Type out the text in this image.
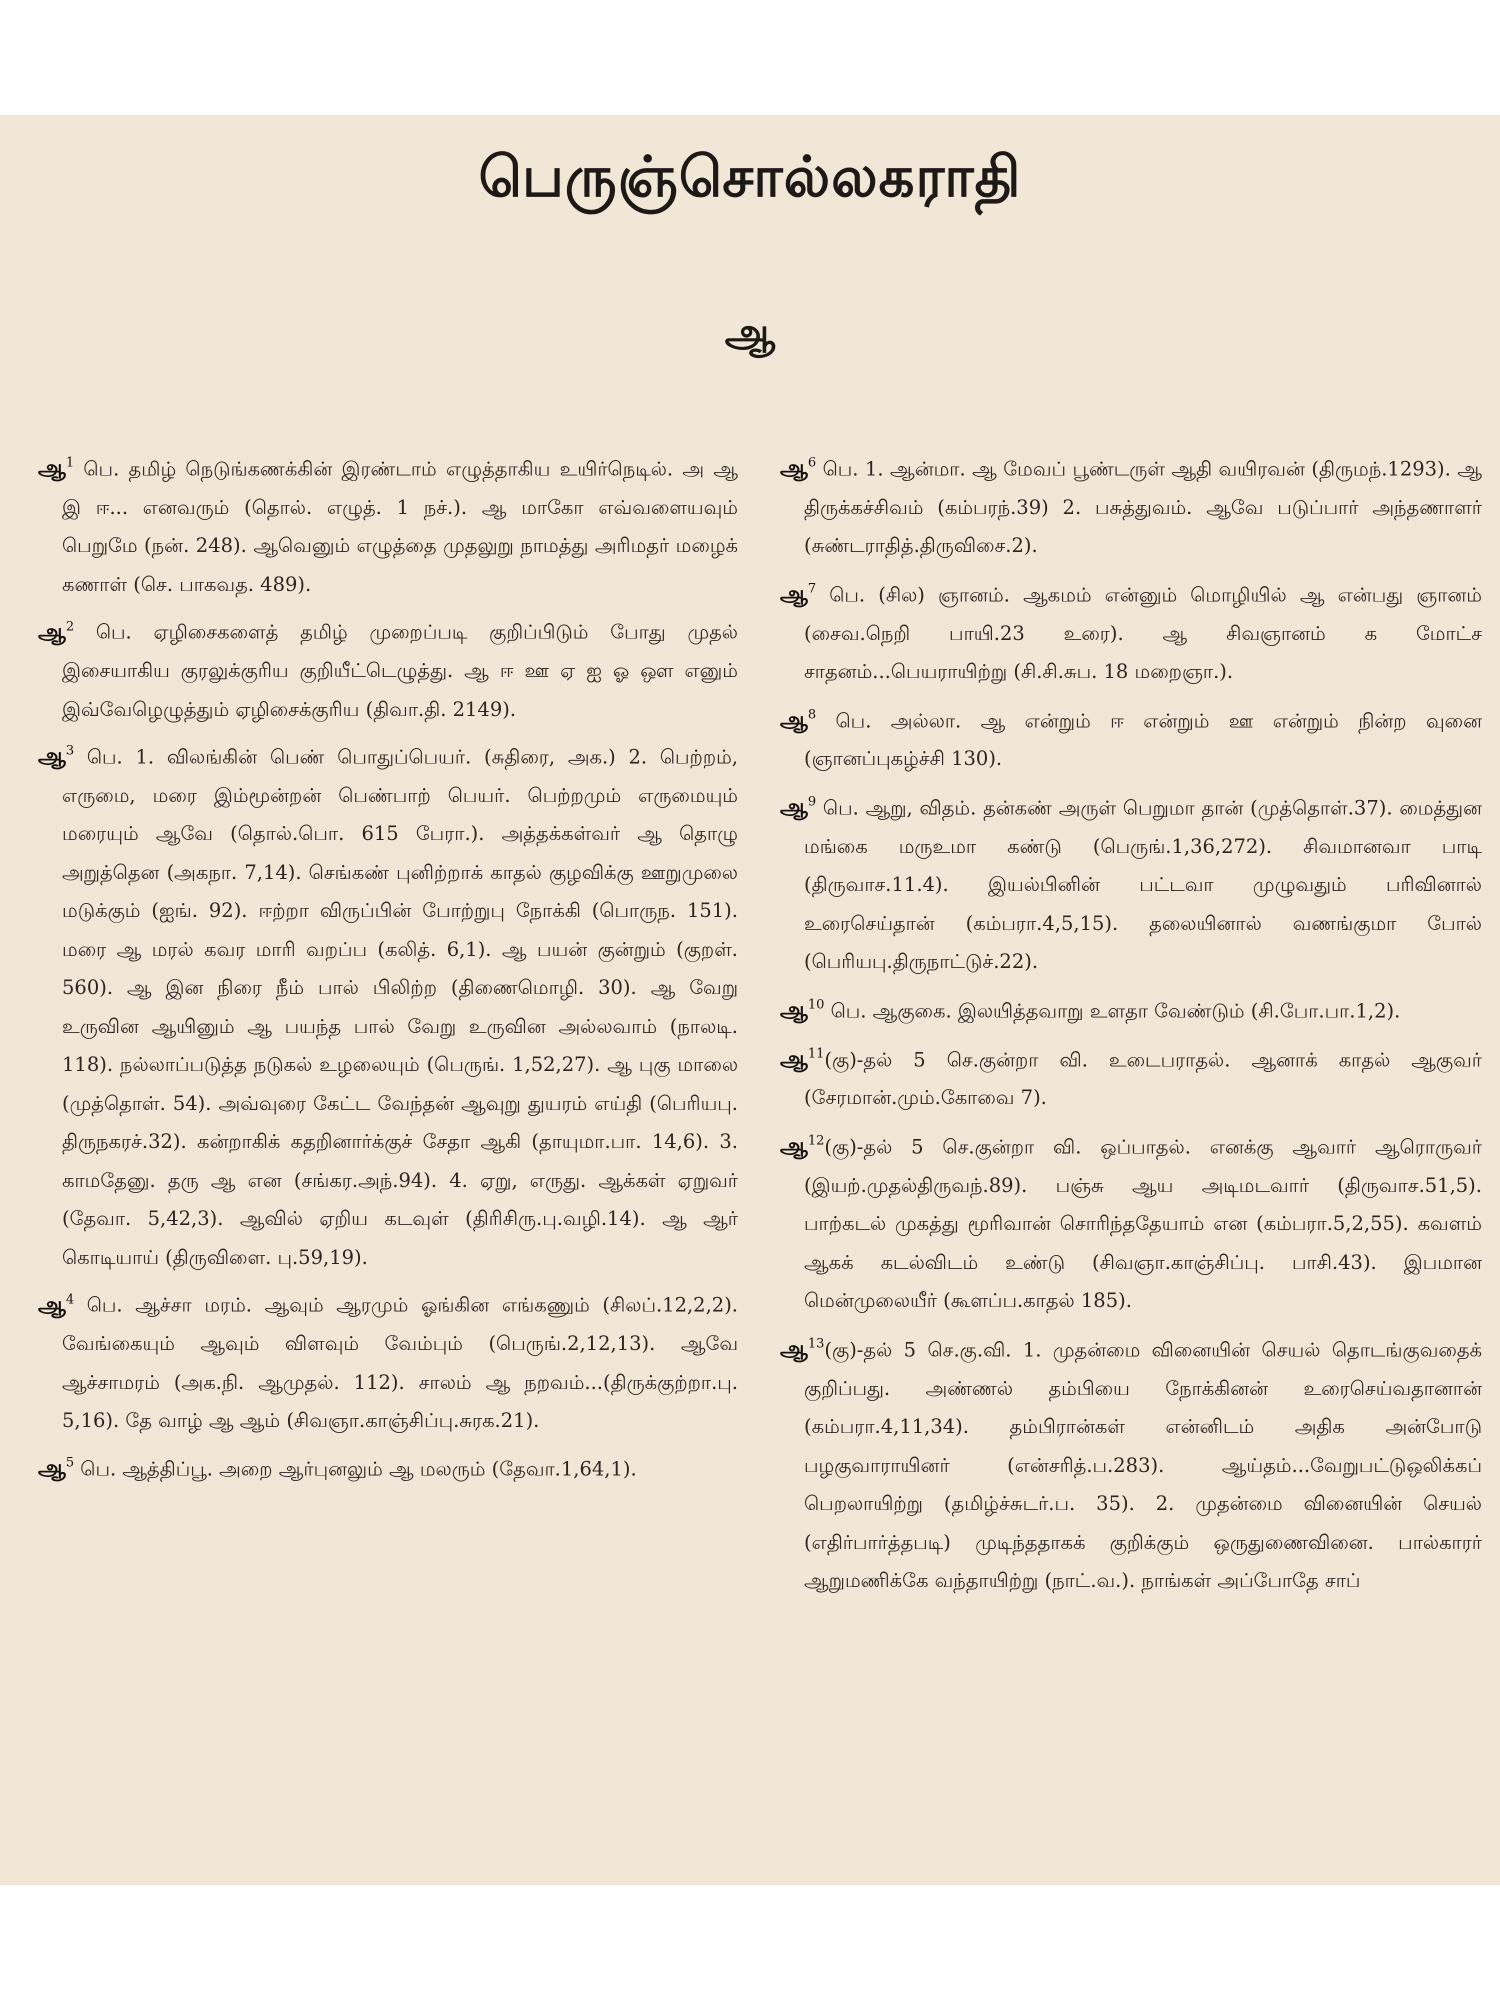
பெருஞ்சொல்லகராதி
ஆ

ஆ$^1$ பெ. தமிழ் நெடுங்கணக்கின் இரண்டாம் எழுத்தாகிய உயிர்நெடில். அ ஆ இ ஈ... எனவரும் (தொல். எழுத். 1 நச்.). ஆ மாகோ எவ்வளையவும் பெறுமே (நன். 248). ஆவெனும் எழுத்தை முதலுறு நாமத்து அரிமதர் மழைக் கணாள் (செ. பாகவத. 489).

ஆ$^2$ பெ. ஏழிசைகளைத் தமிழ் முறைப்படி குறிப்பிடும் போது முதல் இசையாகிய குரலுக்குரிய குறியீட்டெழுத்து. ஆ ஈ ஊ ஏ ஐ ஓ ஔ எனும் இவ்வேழெழுத்தும் ஏழிசைக்குரிய (திவா.தி. 2149).

ஆ$^3$ பெ. 1. விலங்கின் பெண் பொதுப்பெயர். (சுதிரை, அக.) 2. பெற்றம், எருமை, மரை இம்மூன்றன் பெண்பாற் பெயர். பெற்றமும் எருமையும் மரையும் ஆவே (தொல்.பொ. 615 பேரா.). அத்தக்கள்வர் ஆ தொழு அறுத்தென (அகநா. 7,14). செங்கண் புனிற்றாக் காதல் குழவிக்கு ஊறுமுலை மடுக்கும் (ஐங். 92). ஈற்றா விருப்பின் போற்றுபு நோக்கி (பொருந. 151). மரை ஆ மரல் கவர மாரி வறப்ப (கலித். 6,1). ஆ பயன் குன்றும் (குறள். 560). ஆ இன நிரை நீம் பால் பிலிற்ற (திணைமொழி. 30). ஆ வேறு உருவின ஆயினும் ஆ பயந்த பால் வேறு உருவின அல்லவாம் (நாலடி. 118). நல்லாப்படுத்த நடுகல் உழலையும் (பெருங். 1,52,27). ஆ புகு மாலை (முத்தொள். 54). அவ்வுரை கேட்ட வேந்தன் ஆவுறு துயரம் எய்தி (பெரியபு. திருநகரச்.32). கன்றாகிக் கதறினார்க்குச் சேதா ஆகி (தாயுமா.பா. 14,6). 3. காமதேனு. தரு ஆ என (சங்கர.அந்.94). 4. ஏறு, எருது. ஆக்கள் ஏறுவர் (தேவா. 5,42,3). ஆவில் ஏறிய கடவுள் (திரிசிரு.பு.வழி.14). ஆ ஆர் கொடியாய் (திருவிளை. பு.59,19).

ஆ$^4$ பெ. ஆச்சா மரம். ஆவும் ஆரமும் ஓங்கின எங்கணும் (சிலப்.12,2,2). வேங்கையும் ஆவும் விளவும் வேம்பும் (பெருங்.2,12,13). ஆவே ஆச்சாமரம் (அக.நி. ஆமுதல். 112). சாலம் ஆ நறவம்...(திருக்குற்றா.பு. 5,16). தே வாழ் ஆ ஆம் (சிவஞா.காஞ்சிப்பு.சுரக.21).

ஆ$^5$ பெ. ஆத்திப்பூ. அறை ஆர்புனலும் ஆ மலரும் (தேவா.1,64,1).

ஆ$^6$ பெ. 1. ஆன்மா. ஆ மேவப் பூண்டருள் ஆதி வயிரவன் (திருமந்.1293). ஆ திருக்கச்சிவம் (கம்பரந்.39) 2. பசுத்துவம். ஆவே படுப்பார் அந்தணாளர் (சுண்டராதித்.திருவிசை.2).

ஆ$^7$ பெ. (சில) ஞானம். ஆகமம் என்னும் மொழியில் ஆ என்பது ஞானம் (சைவ.நெறி பாயி.23 உரை). ஆ சிவஞானம் க மோட்ச சாதனம்...பெயராயிற்று (சி.சி.சுப. 18 மறைஞா.).

ஆ$^8$ பெ. அல்லா. ஆ என்றும் ஈ என்றும் ஊ என்றும் நின்ற வுனை (ஞானப்புகழ்ச்சி 130).

ஆ$^9$ பெ. ஆறு, விதம். தன்கண் அருள் பெறுமா தான் (முத்தொள்.37). மைத்துன மங்கை மருஉமா கண்டு (பெருங்.1,36,272). சிவமானவா பாடி (திருவாச.11.4). இயல்பினின் பட்டவா முழுவதும் பரிவினால் உரைசெய்தான் (கம்பரா.4,5,15). தலையினால் வணங்குமா போல் (பெரியபு.திருநாட்டுச்.22).

ஆ$^{10}$ பெ. ஆகுகை. இலயித்தவாறு உளதா வேண்டும் (சி.போ.பா.1,2).

ஆ$^{11}$(கு)-தல் 5 செ.குன்றா வி. உடைபராதல். ஆனாக் காதல் ஆகுவர் (சேரமான்.மும்.கோவை 7).

ஆ$^{12}$(கு)-தல் 5 செ.குன்றா வி. ஒப்பாதல். எனக்கு ஆவார் ஆரொருவர் (இயற்.முதல்திருவந்.89). பஞ்சு ஆய அடிமடவார் (திருவாச.51,5). பாற்கடல் முகத்து மூரிவான் சொரிந்ததேயாம் என (கம்பரா.5,2,55). கவளம் ஆகக் கடல்விடம் உண்டு (சிவஞா.காஞ்சிப்பு. பாசி.43). இபமான மென்முலையீர் (கூளப்ப.காதல் 185).

ஆ$^{13}$(கு)-தல் 5 செ.கு.வி. 1. முதன்மை வினையின் செயல் தொடங்குவதைக் குறிப்பது. அண்ணல் தம்பியை நோக்கினன் உரைசெய்வதானான் (கம்பரா.4,11,34). தம்பிரான்கள் என்னிடம் அதிக அன்போடு பழகுவாராயினர் (என்சரித்.ப.283). ஆய்தம்...வேறுபட்டுஒலிக்கப் பெறலாயிற்று (தமிழ்ச்சுடர்.ப. 35). 2. முதன்மை வினையின் செயல் (எதிர்பார்த்தபடி) முடிந்ததாகக் குறிக்கும் ஒருதுணைவினை. பால்காரர் ஆறுமணிக்கே வந்தாயிற்று (நாட்.வ.). நாங்கள் அப்போதே சாப்
